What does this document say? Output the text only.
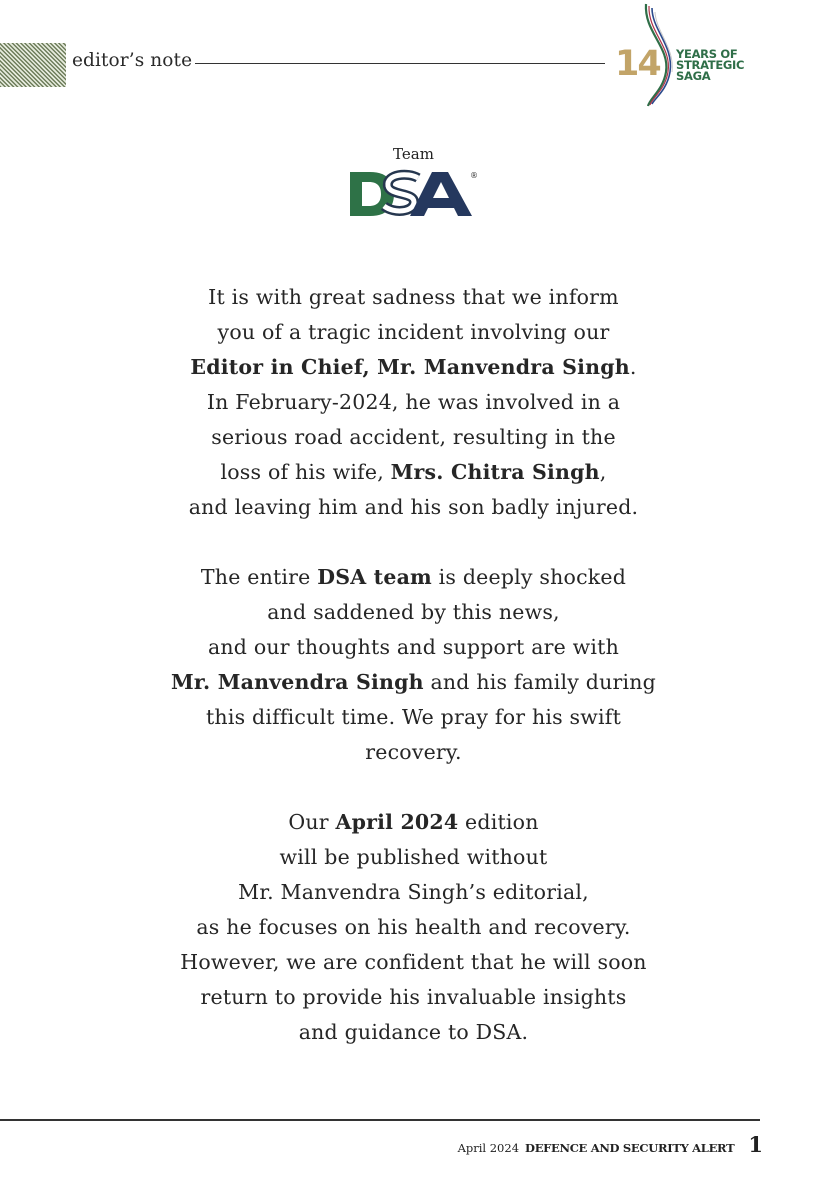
editor’s note	14 YEARS OF
STRATEGIC
SAGA
Team
®
It is with great sadness that we inform
you of a tragic incident involving our
Editor in Chief, Mr. Manvendra Singh.
In February-2024, he was involved in a
serious road accident, resulting in the
loss of his wife, Mrs. Chitra Singh,
and leaving him and his son badly injured.
The entire DSA team is deeply shocked
and saddened by this news,
and our thoughts and support are with
Mr. Manvendra Singh and his family during
this difficult time. We pray for his swift
recovery.
Our April 2024 edition
will be published without
Mr. Manvendra Singh’s editorial,
as he focuses on his health and recovery.
However, we are confident that he will soon
return to provide his invaluable insights
and guidance to DSA.
April 2024 DEFENCE AND SECURITY ALERT 1
